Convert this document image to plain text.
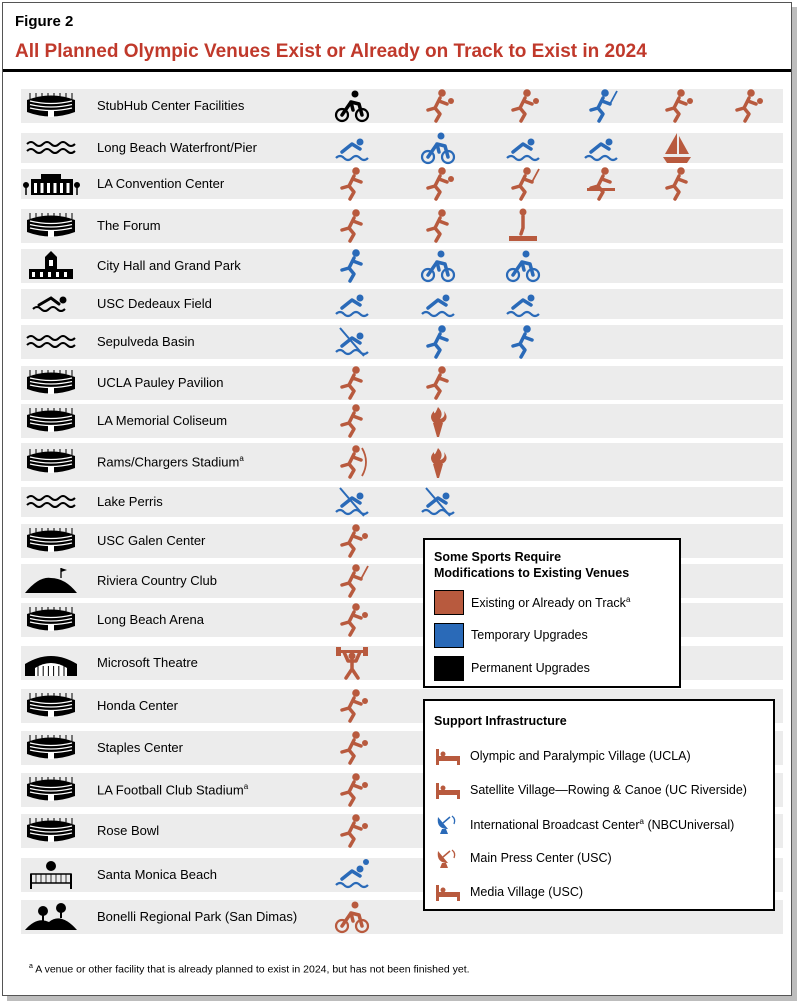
Figure 2
All Planned Olympic Venues Exist or Already on Track to Exist in 2024
StubHub Center Facilities
Long Beach Waterfront/Pier
LA Convention Center
The Forum
City Hall and Grand Park
USC Dedeaux Field
Sepulveda Basin
UCLA Pauley Pavilion
LA Memorial Coliseum
Rams/Chargers Stadium$^a$
Lake Perris
USC Galen Center
Riviera Country Club
Long Beach Arena
Microsoft Theatre
Honda Center
Staples Center
LA Football Club Stadium$^a$
Rose Bowl
Santa Monica Beach
Bonelli Regional Park (San Dimas)
Some Sports Require
Modifications to Existing Venues
Existing or Already on Track$^a$
Temporary Upgrades
Permanent Upgrades
Support Infrastructure
Olympic and Paralympic Village (UCLA)
Satellite Village—Rowing & Canoe (UC Riverside)
International Broadcast Center$^a$ (NBCUniversal)
Main Press Center (USC)
Media Village (USC)
$^a$ A venue or other facility that is already planned to exist in 2024, but has not been finished yet.
